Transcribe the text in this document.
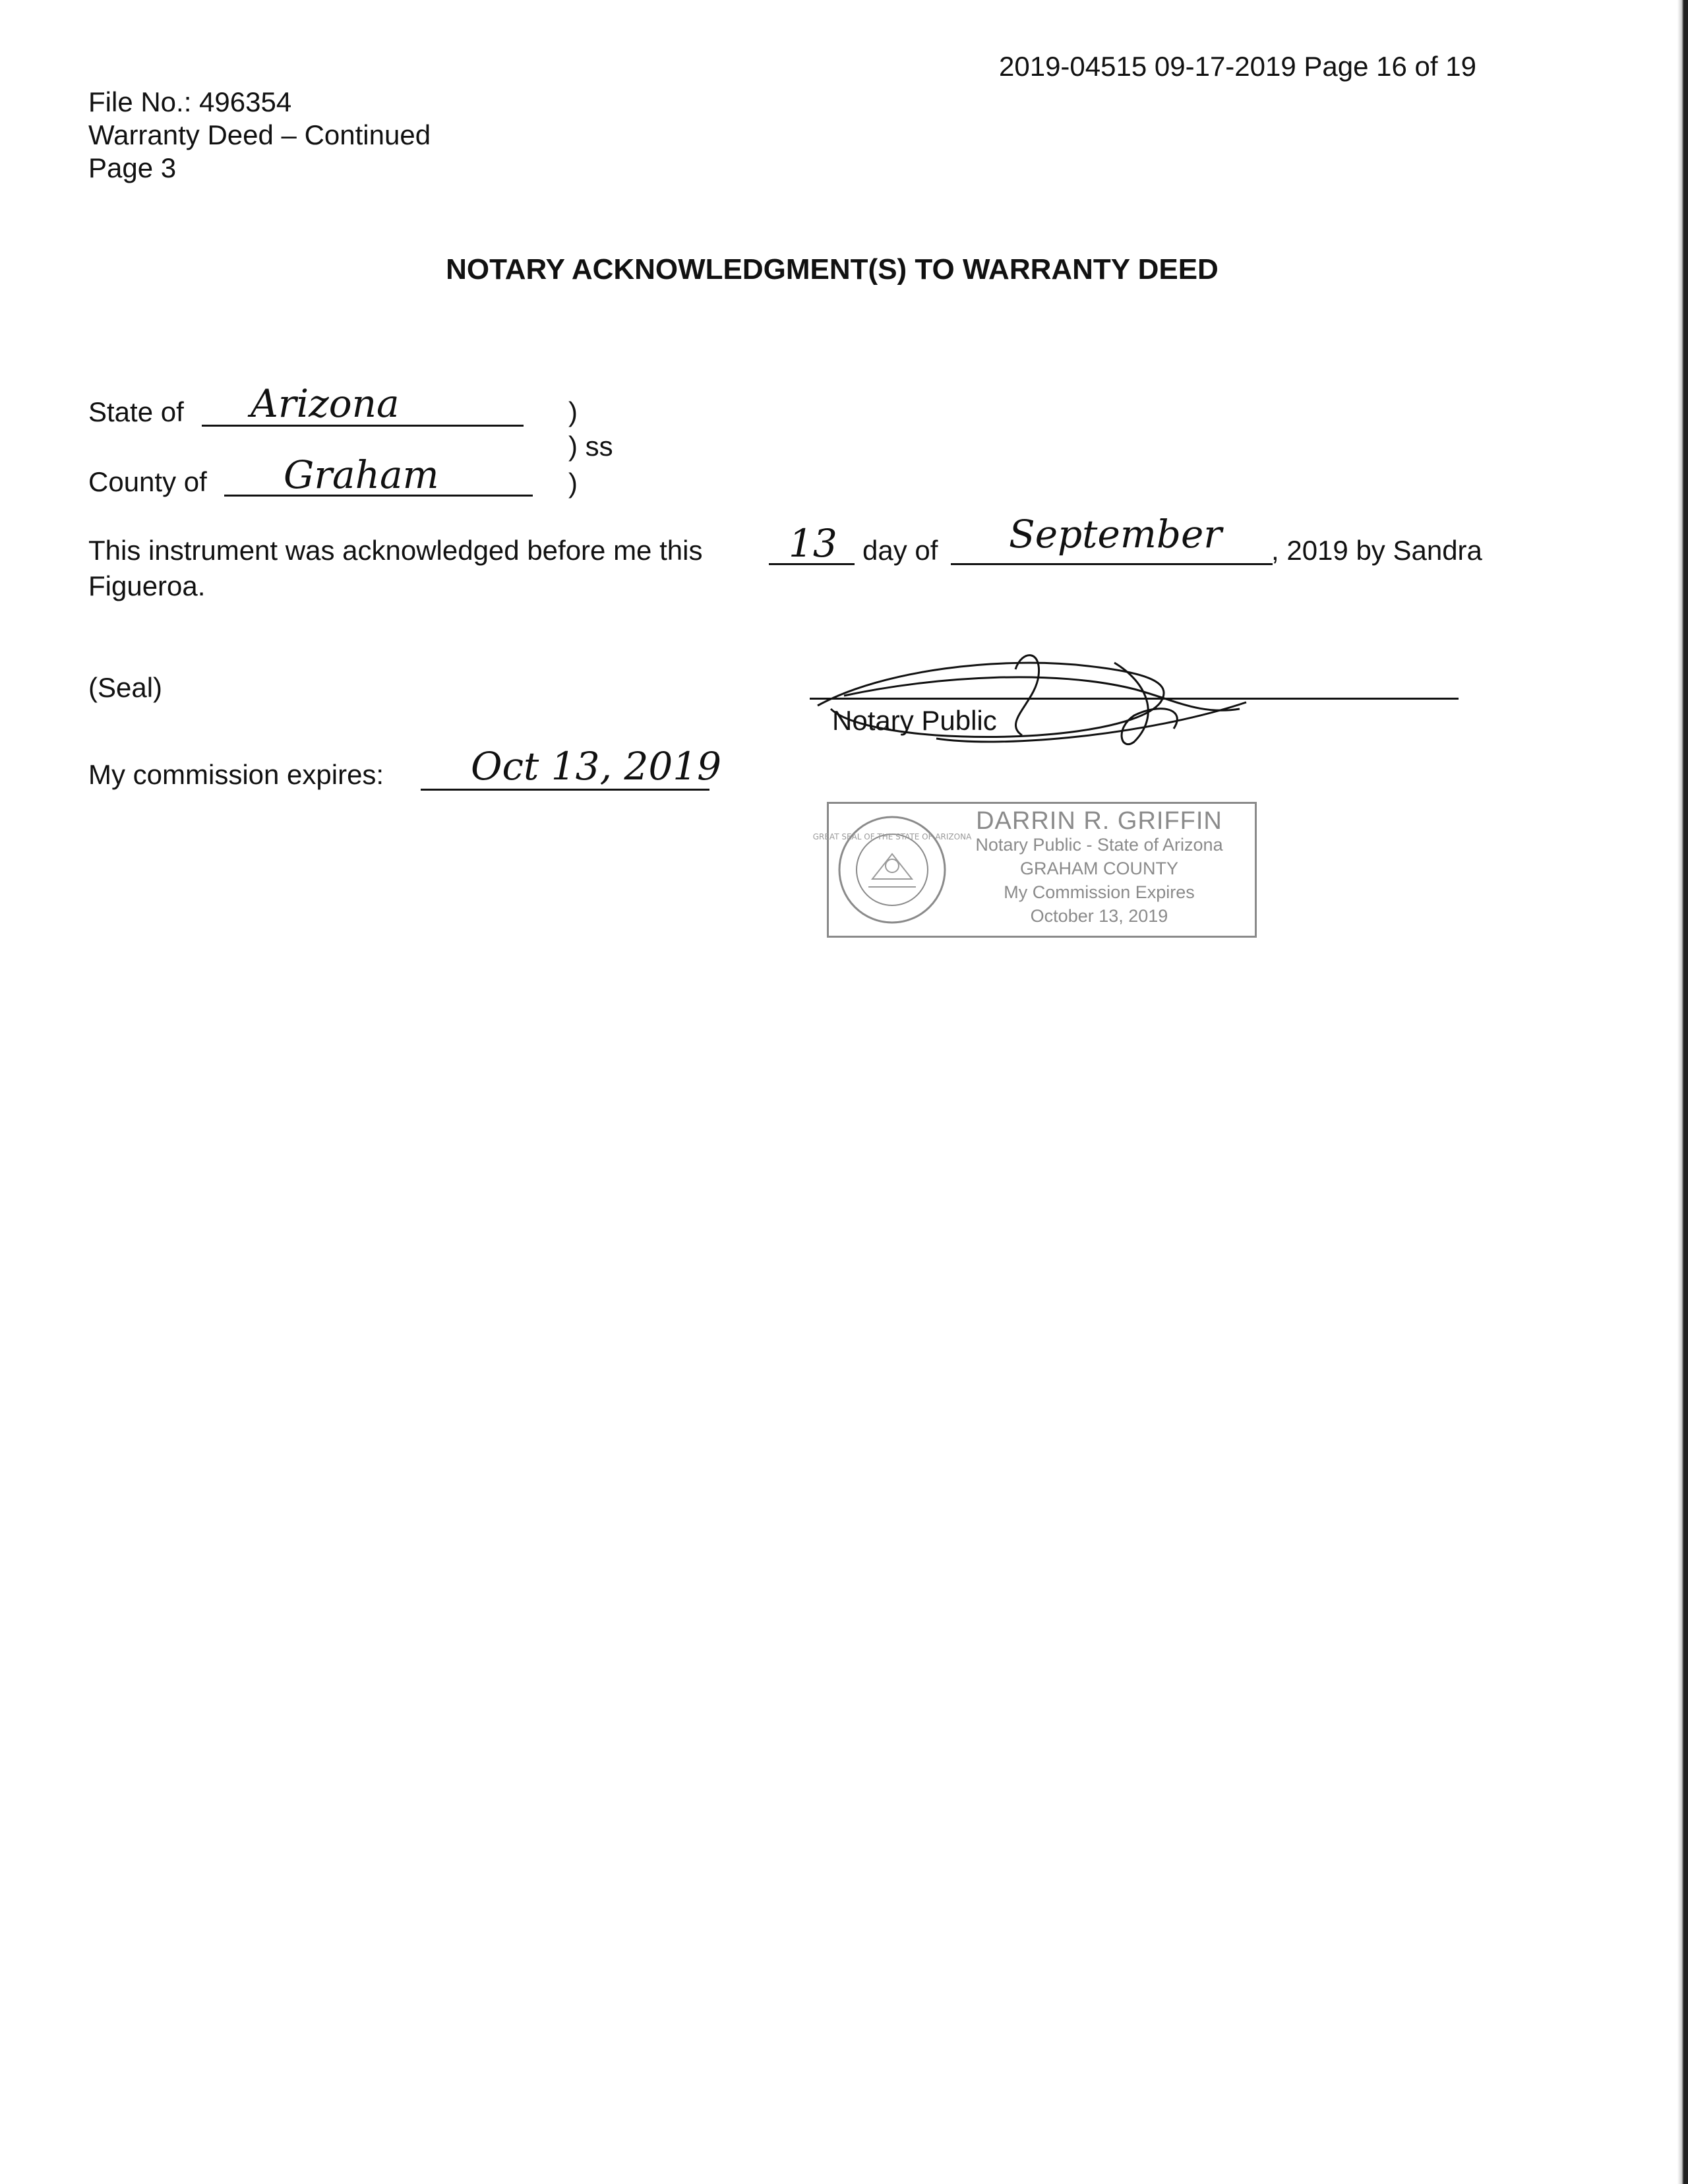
2019-04515 09-17-2019 Page 16 of 19
File No.: 496354
Warranty Deed – Continued
Page 3
NOTARY ACKNOWLEDGMENT(S) TO WARRANTY DEED
State of Arizona	)
) ss
County of Graham	)
This instrument was acknowledged before me this 13 day of September , 2019 by Sandra
Figueroa.
(Seal)
Notary Public
My commission expires: Oct 13, 2019
GREAT SEAL OF THE STATE OF ARIZONA
DARRIN R. GRIFFIN
Notary Public - State of Arizona
GRAHAM COUNTY
My Commission Expires
October 13, 2019
